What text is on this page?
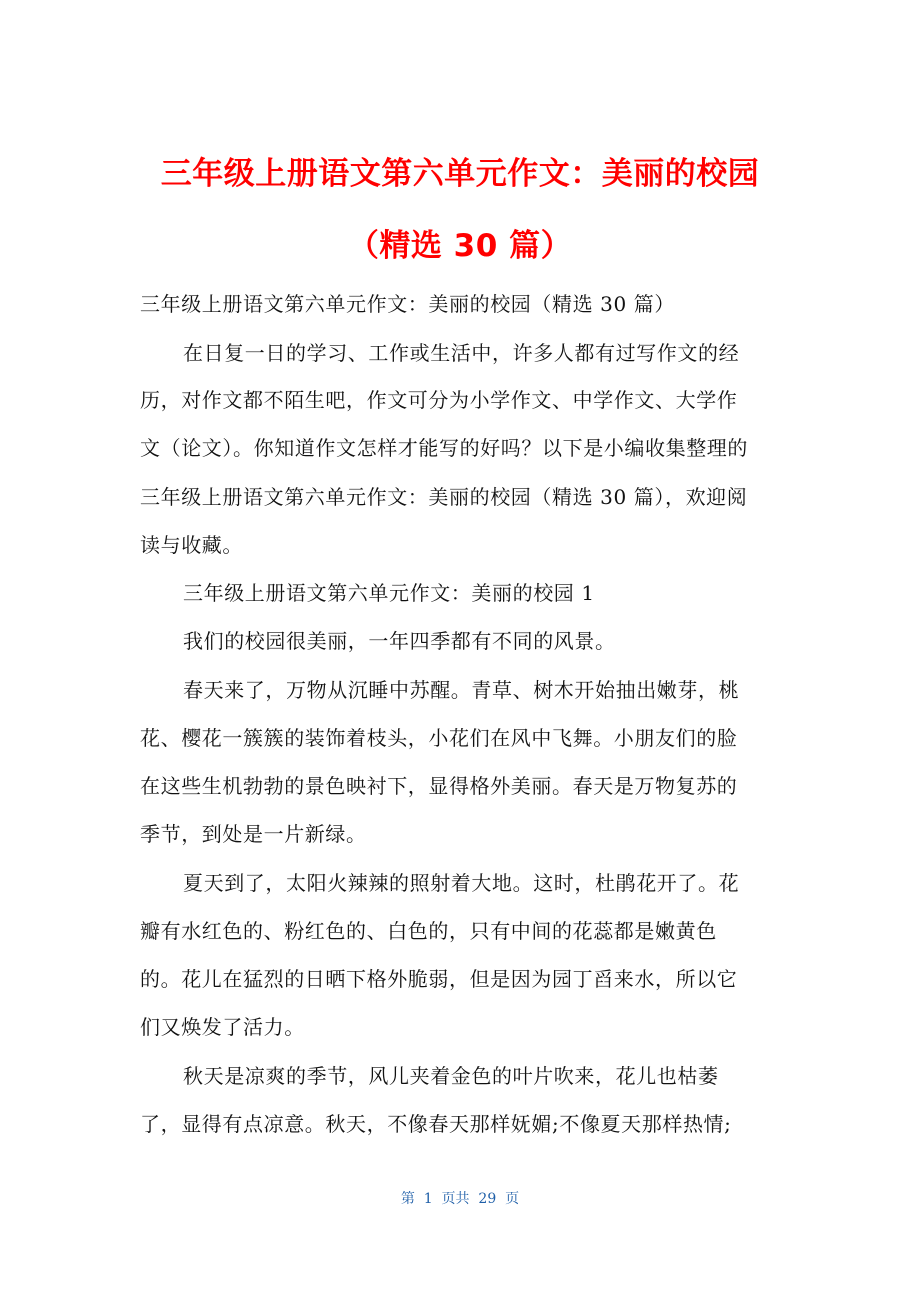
三年级上册语文第六单元作文：美丽的校园
（精选 30 篇）
三年级上册语文第六单元作文：美丽的校园（精选 30 篇）
在日复一日的学习、工作或生活中，许多人都有过写作文的经
历，对作文都不陌生吧，作文可分为小学作文、中学作文、大学作
文（论文）。你知道作文怎样才能写的好吗？以下是小编收集整理的
三年级上册语文第六单元作文：美丽的校园（精选 30 篇），欢迎阅
读与收藏。
三年级上册语文第六单元作文：美丽的校园 1
我们的校园很美丽，一年四季都有不同的风景。
春天来了，万物从沉睡中苏醒。青草、树木开始抽出嫩芽，桃
花、樱花一簇簇的装饰着枝头，小花们在风中飞舞。小朋友们的脸
在这些生机勃勃的景色映衬下，显得格外美丽。春天是万物复苏的
季节，到处是一片新绿。
夏天到了，太阳火辣辣的照射着大地。这时，杜鹃花开了。花
瓣有水红色的、粉红色的、白色的，只有中间的花蕊都是嫩黄色
的。花儿在猛烈的日晒下格外脆弱，但是因为园丁舀来水，所以它
们又焕发了活力。
秋天是凉爽的季节，风儿夹着金色的叶片吹来，花儿也枯萎
了，显得有点凉意。秋天，不像春天那样妩媚;不像夏天那样热情;
第  1  页共  29  页
